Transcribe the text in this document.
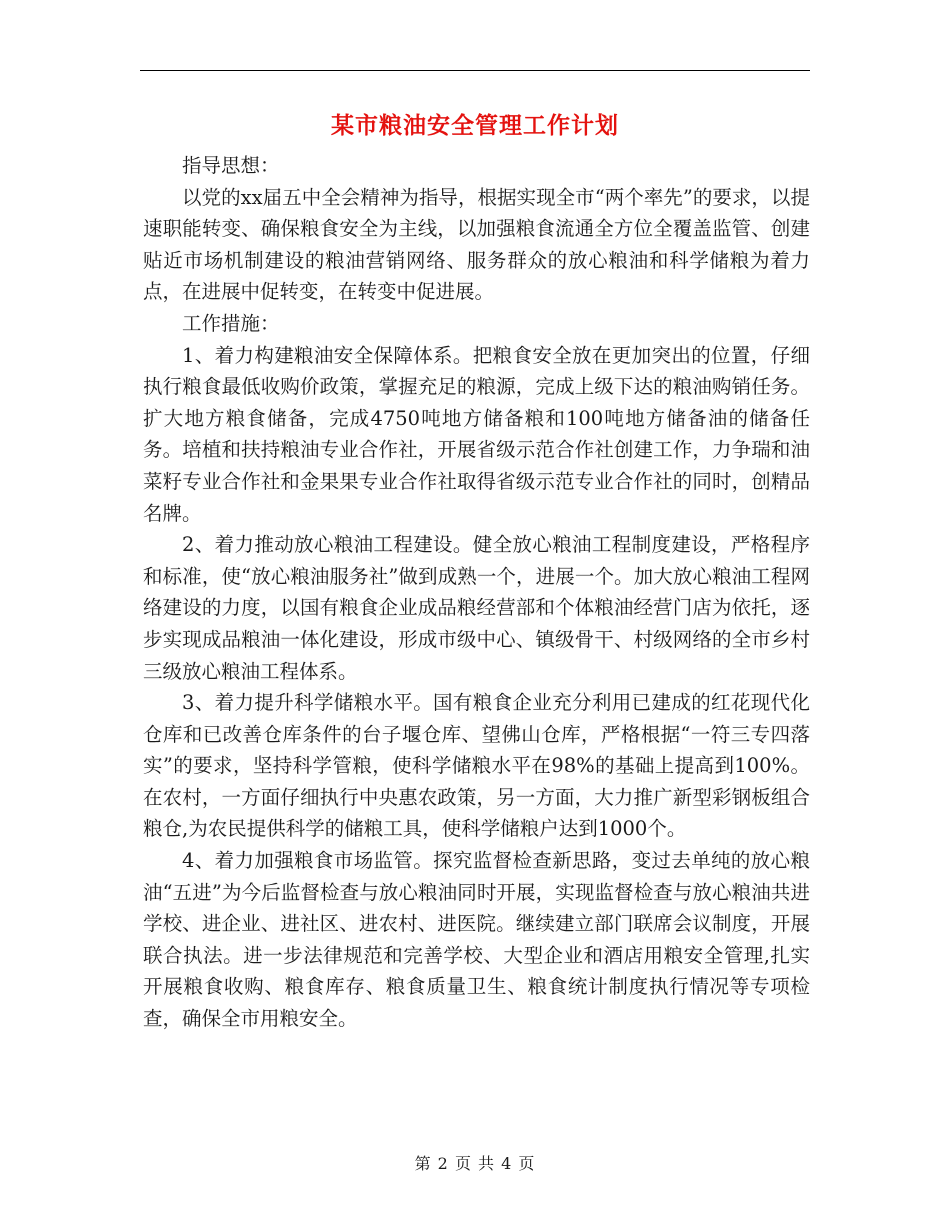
某市粮油安全管理工作计划

指导思想：

以党的xx届五中全会精神为指导，根据实现全市“两个率先”的要求，以提速职能转变、确保粮食安全为主线，以加强粮食流通全方位全覆盖监管、创建贴近市场机制建设的粮油营销网络、服务群众的放心粮油和科学储粮为着力点，在进展中促转变，在转变中促进展。

工作措施：

1、着力构建粮油安全保障体系。把粮食安全放在更加突出的位置，仔细执行粮食最低收购价政策，掌握充足的粮源，完成上级下达的粮油购销任务。扩大地方粮食储备，完成4750吨地方储备粮和100吨地方储备油的储备任务。培植和扶持粮油专业合作社，开展省级示范合作社创建工作，力争瑞和油菜籽专业合作社和金果果专业合作社取得省级示范专业合作社的同时，创精品名牌。

2、着力推动放心粮油工程建设。健全放心粮油工程制度建设，严格程序和标准，使“放心粮油服务社”做到成熟一个，进展一个。加大放心粮油工程网络建设的力度，以国有粮食企业成品粮经营部和个体粮油经营门店为依托，逐步实现成品粮油一体化建设，形成市级中心、镇级骨干、村级网络的全市乡村三级放心粮油工程体系。

3、着力提升科学储粮水平。国有粮食企业充分利用已建成的红花现代化仓库和已改善仓库条件的台子堰仓库、望佛山仓库，严格根据“一符三专四落实”的要求，坚持科学管粮，使科学储粮水平在98%的基础上提高到100%。在农村，一方面仔细执行中央惠农政策，另一方面，大力推广新型彩钢板组合粮仓,为农民提供科学的储粮工具，使科学储粮户达到1000个。

4、着力加强粮食市场监管。探究监督检查新思路，变过去单纯的放心粮油“五进”为今后监督检查与放心粮油同时开展，实现监督检查与放心粮油共进学校、进企业、进社区、进农村、进医院。继续建立部门联席会议制度，开展联合执法。进一步法律规范和完善学校、大型企业和酒店用粮安全管理,扎实开展粮食收购、粮食库存、粮食质量卫生、粮食统计制度执行情况等专项检查，确保全市用粮安全。

第 2 页 共 4 页
